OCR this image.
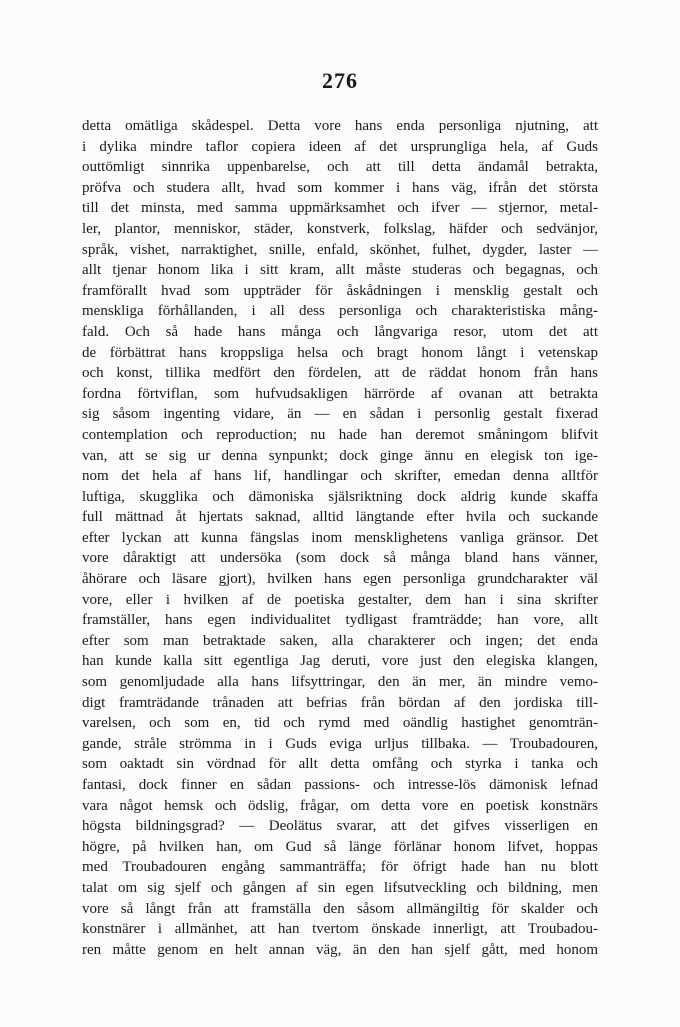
276
detta omätliga skådespel. Detta vore hans enda personliga njutning, att
i dylika mindre taflor copiera ideen af det ursprungliga hela, af Guds
outtömligt sinnrika uppenbarelse, och att till detta ändamål betrakta,
pröfva och studera allt, hvad som kommer i hans väg, ifrån det största
till det minsta, med samma uppmärksamhet och ifver — stjernor, metal-
ler, plantor, menniskor, städer, konstverk, folkslag, häfder och sedvänjor,
språk, vishet, narraktighet, snille, enfald, skönhet, fulhet, dygder, laster —
allt tjenar honom lika i sitt kram, allt måste studeras och begagnas, och
framförallt hvad som uppträder för åskådningen i mensklig gestalt och
menskliga förhållanden, i all dess personliga och charakteristiska mång-
fald. Och så hade hans många och långvariga resor, utom det att
de förbättrat hans kroppsliga helsa och bragt honom långt i vetenskap
och konst, tillika medfört den fördelen, att de räddat honom från hans
fordna förtviflan, som hufvudsakligen härrörde af ovanan att betrakta
sig såsom ingenting vidare, än — en sådan i personlig gestalt fixerad
contemplation och reproduction; nu hade han deremot småningom blifvit
van, att se sig ur denna synpunkt; dock ginge ännu en elegisk ton ige-
nom det hela af hans lif, handlingar och skrifter, emedan denna alltför
luftiga, skugglika och dämoniska själsriktning dock aldrig kunde skaffa
full mättnad åt hjertats saknad, alltid längtande efter hvila och suckande
efter lyckan att kunna fängslas inom mensklighetens vanliga gränsor. Det
vore dåraktigt att undersöka (som dock så många bland hans vänner,
åhörare och läsare gjort), hvilken hans egen personliga grundcharakter väl
vore, eller i hvilken af de poetiska gestalter, dem han i sina skrifter
framställer, hans egen individualitet tydligast framträdde; han vore, allt
efter som man betraktade saken, alla charakterer och ingen; det enda
han kunde kalla sitt egentliga Jag deruti, vore just den elegiska klangen,
som genomljudade alla hans lifsyttringar, den än mer, än mindre vemo-
digt framträdande trånaden att befrias från bördan af den jordiska till-
varelsen, och som en, tid och rymd med oändlig hastighet genomträn-
gande, stråle strömma in i Guds eviga urljus tillbaka. — Troubadouren,
som oaktadt sin vördnad för allt detta omfång och styrka i tanka och
fantasi, dock finner en sådan passions- och intresse-lös dämonisk lefnad
vara något hemsk och ödslig, frågar, om detta vore en poetisk konstnärs
högsta bildningsgrad? — Deolätus svarar, att det gifves visserligen en
högre, på hvilken han, om Gud så länge förlänar honom lifvet, hoppas
med Troubadouren engång sammanträffa; för öfrigt hade han nu blott
talat om sig sjelf och gången af sin egen lifsutveckling och bildning, men
vore så långt från att framställa den såsom allmängiltig för skalder och
konstnärer i allmänhet, att han tvertom önskade innerligt, att Troubadou-
ren måtte genom en helt annan väg, än den han sjelf gått, med honom
